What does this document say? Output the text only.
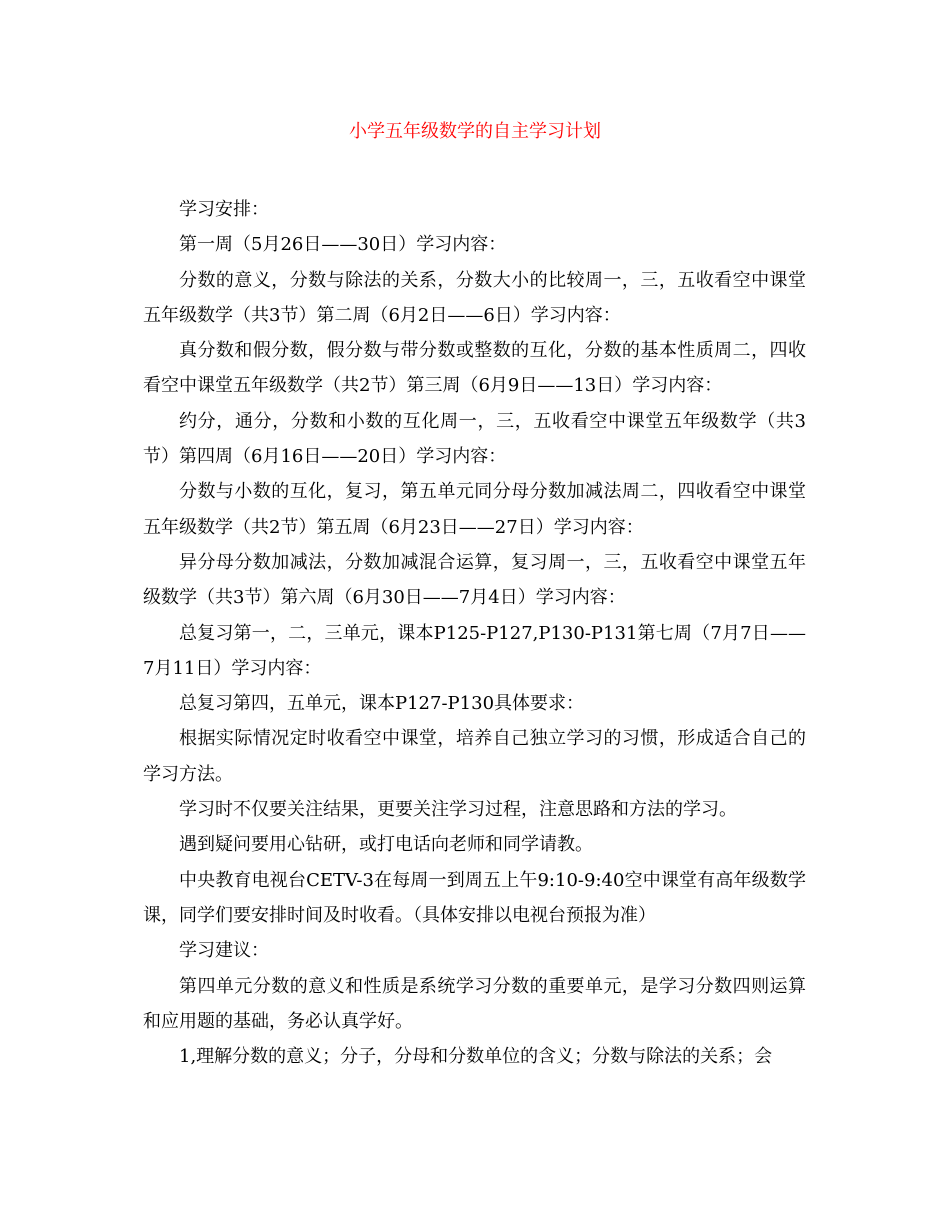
小学五年级数学的自主学习计划

学习安排：

第一周（5月26日——30日）学习内容：

分数的意义，分数与除法的关系，分数大小的比较周一，三，五收看空中课堂五年级数学（共3节）第二周（6月2日——6日）学习内容：

真分数和假分数，假分数与带分数或整数的互化，分数的基本性质周二，四收看空中课堂五年级数学（共2节）第三周（6月9日——13日）学习内容：

约分，通分，分数和小数的互化周一，三，五收看空中课堂五年级数学（共3节）第四周（6月16日——20日）学习内容：

分数与小数的互化，复习，第五单元同分母分数加减法周二，四收看空中课堂五年级数学（共2节）第五周（6月23日——27日）学习内容：

异分母分数加减法，分数加减混合运算，复习周一，三，五收看空中课堂五年级数学（共3节）第六周（6月30日——7月4日）学习内容：

总复习第一，二，三单元，课本P125-P127,P130-P131第七周（7月7日——7月11日）学习内容：

总复习第四，五单元，课本P127-P130具体要求：

根据实际情况定时收看空中课堂，培养自己独立学习的习惯，形成适合自己的学习方法。

学习时不仅要关注结果，更要关注学习过程，注意思路和方法的学习。

遇到疑问要用心钻研，或打电话向老师和同学请教。

中央教育电视台CETV-3在每周一到周五上午9:10-9:40空中课堂有高年级数学课，同学们要安排时间及时收看。（具体安排以电视台预报为准）

学习建议：

第四单元分数的意义和性质是系统学习分数的重要单元，是学习分数四则运算和应用题的基础，务必认真学好。

1,理解分数的意义；分子，分母和分数单位的含义；分数与除法的关系；会
